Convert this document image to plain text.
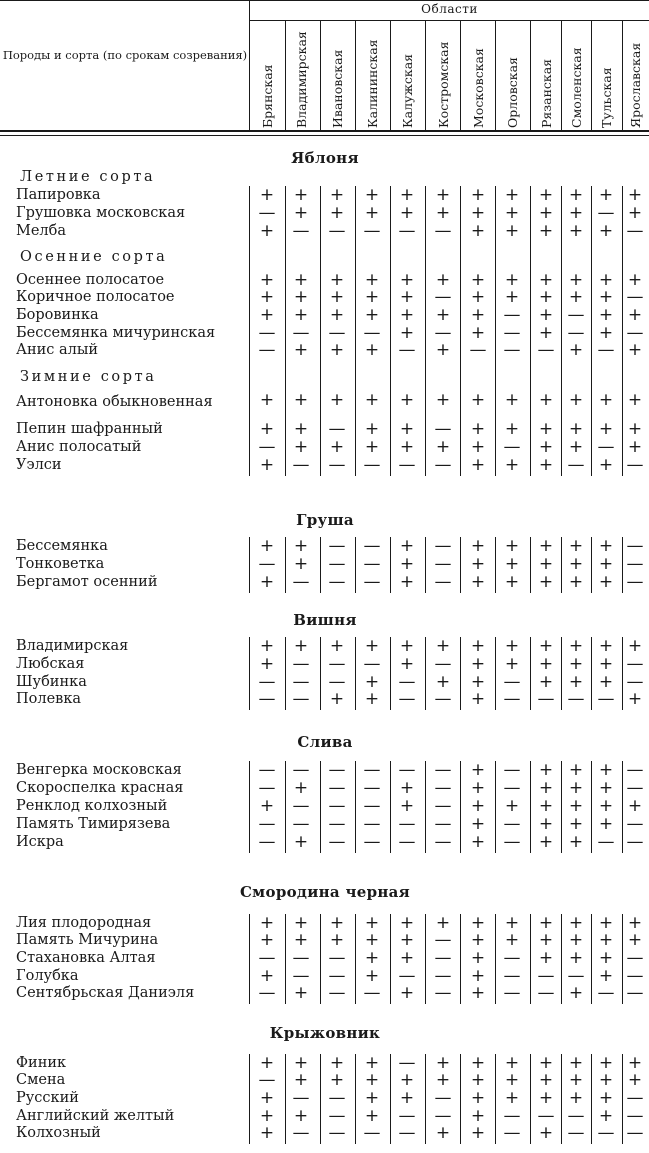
Породы и сорта (по срокам созревания)
Области
Брянская Владимирская Ивановская Калининская Калужская Костромская Московская Орловская Рязанская Смоленская Тульская Ярославская
Яблоня
Летние сорта
Папировка	+ + + + + + + + + + + +
Грушовка московская	— + + + + + + + + + — +
Мелба	+ — — — — — + + + + + —
Осенние сорта
Осеннее полосатое	+ + + + + + + + + + + +
Коричное полосатое	+ + + + + — + + + + + —
Боровинка	+ + + + + + + — + — + +
Бессемянка мичуринская	— — — — + — + — + — + —
Анис алый	— + + + — + — — — + — +
Зимние сорта
Антоновка обыкновенная	+ + + + + + + + + + + +
Пепин шафранный	+ + — + + — + + + + + +
Анис полосатый	— + + + + + + — + + — +
Уэлси	+ — — — — — + + + — + —
Груша
Бессемянка	+ + — — + — + + + + + —
Тонковетка	— + — — + — + + + + + —
Бергамот осенний	+ — — — + — + + + + + —
Вишня
Владимирская	+ + + + + + + + + + + +
Любская	+ — — — + — + + + + + —
Шубинка	— — — + — + + — + + + —
Полевка	— — + + — — + — — — — +
Слива
Венгерка московская	— — — — — — + — + + + —
Скороспелка красная	— + — — + — + — + + + —
Ренклод колхозный	+ — — — + — + + + + + +
Память Тимирязева	— — — — — — + — + + + —
Искра	— + — — — — + — + + — —
Смородина черная
Лия плодородная	+ + + + + + + + + + + +
Память Мичурина	+ + + + + — + + + + + +
Стахановка Алтая	— — — + + — + — + + + —
Голубка	+ — — + — — + — — — + —
Сентябрьская Даниэля	— + — — + — + — — + — —
Крыжовник
Финик	+ + + + — + + + + + + +
Смена	— + + + + + + + + + + +
Русский	+ — — + + — + + + + + —
Английский желтый	+ + — + — — + — — — + —
Колхозный	+ — — — — + + — + — — —
